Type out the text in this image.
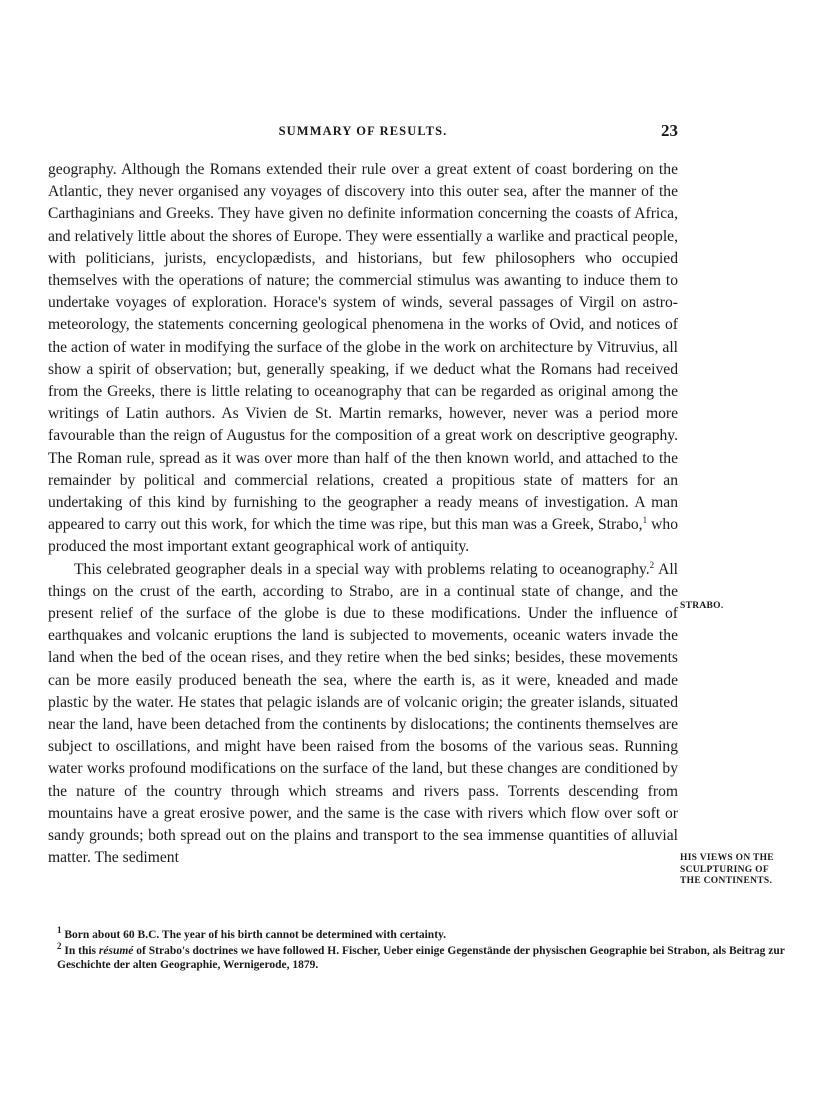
SUMMARY OF RESULTS.	23

geography. Although the Romans extended their rule over a great extent of coast bordering on the Atlantic, they never organised any voyages of discovery into this outer sea, after the manner of the Carthaginians and Greeks. They have given no definite information concerning the coasts of Africa, and relatively little about the shores of Europe. They were essentially a warlike and practical people, with politicians, jurists, encyclopædists, and historians, but few philosophers who occupied themselves with the operations of nature; the commercial stimulus was awanting to induce them to undertake voyages of exploration. Horace's system of winds, several passages of Virgil on astro-meteorology, the statements concerning geological phenomena in the works of Ovid, and notices of the action of water in modifying the surface of the globe in the work on architecture by Vitruvius, all show a spirit of observation; but, generally speaking, if we deduct what the Romans had received from the Greeks, there is little relating to oceanography that can be regarded as original among the writings of Latin authors. As Vivien de St. Martin remarks, however, never was a period more favourable than the reign of Augustus for the composition of a great work on descriptive geography. The Roman rule, spread as it was over more than half of the then known world, and attached to the remainder by political and commercial relations, created a propitious state of matters for an undertaking of this kind by furnishing to the geographer a ready means of investigation. A man appeared to carry out this work, for which the time was ripe, but this man was a Greek, Strabo,$^1$ who produced the most important extant geographical work of antiquity.

This celebrated geographer deals in a special way with problems relating to oceanography.$^2$ All things on the crust of the earth, according to Strabo, are in a continual state of change, and the present relief of the surface of the globe is due to these modifications. Under the influence of earthquakes and volcanic eruptions the land is subjected to movements, oceanic waters invade the land when the bed of the ocean rises, and they retire when the bed sinks; besides, these movements can be more easily produced beneath the sea, where the earth is, as it were, kneaded and made plastic by the water. He states that pelagic islands are of volcanic origin; the greater islands, situated near the land, have been detached from the continents by dislocations; the continents themselves are subject to oscillations, and might have been raised from the bosoms of the various seas. Running water works profound modifications on the surface of the land, but these changes are conditioned by the nature of the country through which streams and rivers pass. Torrents descending from mountains have a great erosive power, and the same is the case with rivers which flow over soft or sandy grounds; both spread out on the plains and transport to the sea immense quantities of alluvial matter. The sediment

STRABO.
HIS VIEWS ON THE
SCULPTURING OF
THE CONTINENTS.

$^1$ Born about 60 B.C. The year of his birth cannot be determined with certainty.

$^2$ In this résumé of Strabo's doctrines we have followed H. Fischer, Ueber einige Gegenstände der physischen Geographie bei Strabon, als Beitrag zur Geschichte der alten Geographie, Wernigerode, 1879.
